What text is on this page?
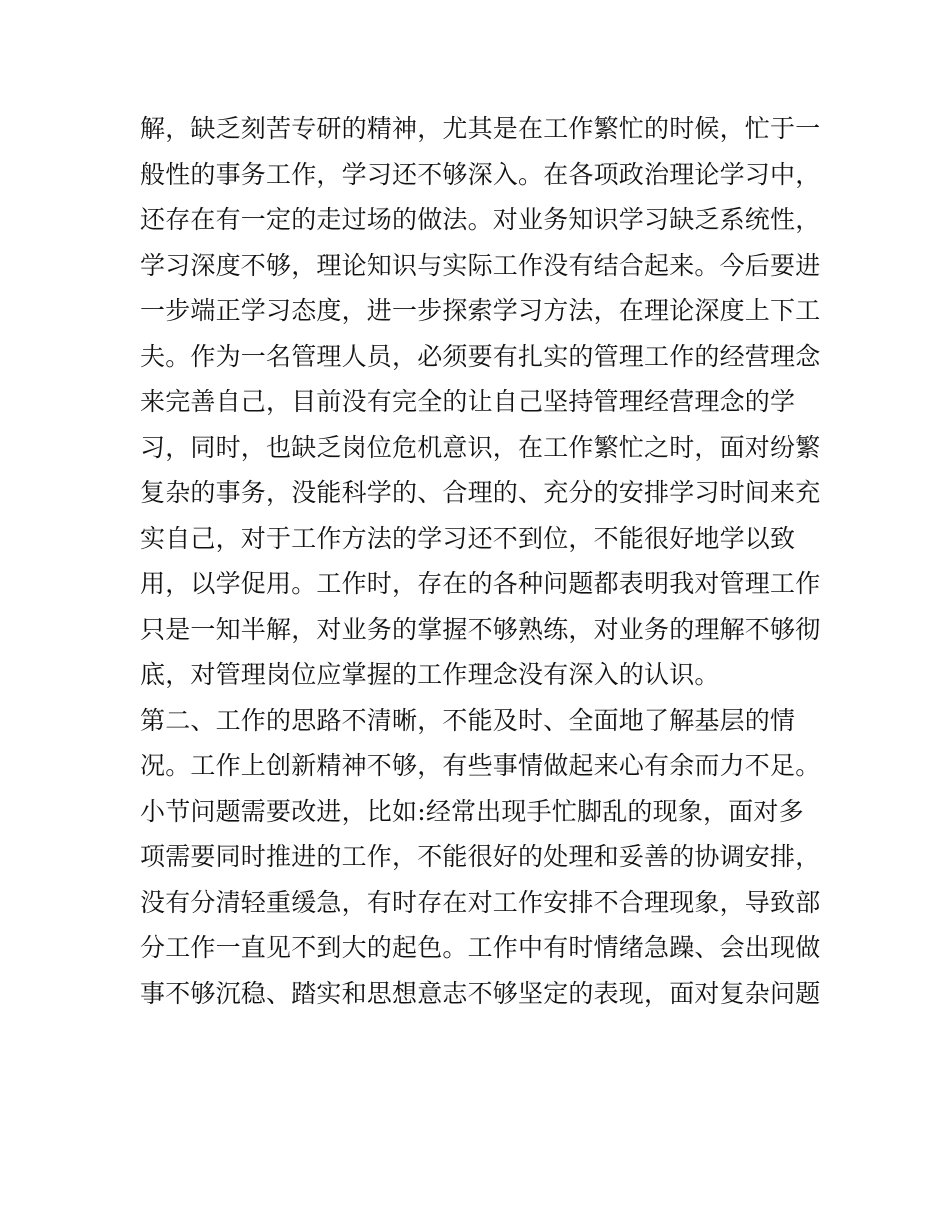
解，缺乏刻苦专研的精神，尤其是在工作繁忙的时候，忙于一
般性的事务工作，学习还不够深入。在各项政治理论学习中，
还存在有一定的走过场的做法。对业务知识学习缺乏系统性，
学习深度不够，理论知识与实际工作没有结合起来。今后要进
一步端正学习态度，进一步探索学习方法，在理论深度上下工
夫。作为一名管理人员，必须要有扎实的管理工作的经营理念
来完善自己，目前没有完全的让自己坚持管理经营理念的学
习，同时，也缺乏岗位危机意识，在工作繁忙之时，面对纷繁
复杂的事务，没能科学的、合理的、充分的安排学习时间来充
实自己，对于工作方法的学习还不到位，不能很好地学以致
用，以学促用。工作时，存在的各种问题都表明我对管理工作
只是一知半解，对业务的掌握不够熟练，对业务的理解不够彻
底，对管理岗位应掌握的工作理念没有深入的认识。
第二、工作的思路不清晰，不能及时、全面地了解基层的情
况。工作上创新精神不够，有些事情做起来心有余而力不足。
小节问题需要改进，比如:经常出现手忙脚乱的现象，面对多
项需要同时推进的工作，不能很好的处理和妥善的协调安排，
没有分清轻重缓急，有时存在对工作安排不合理现象，导致部
分工作一直见不到大的起色。工作中有时情绪急躁、会出现做
事不够沉稳、踏实和思想意志不够坚定的表现，面对复杂问题
